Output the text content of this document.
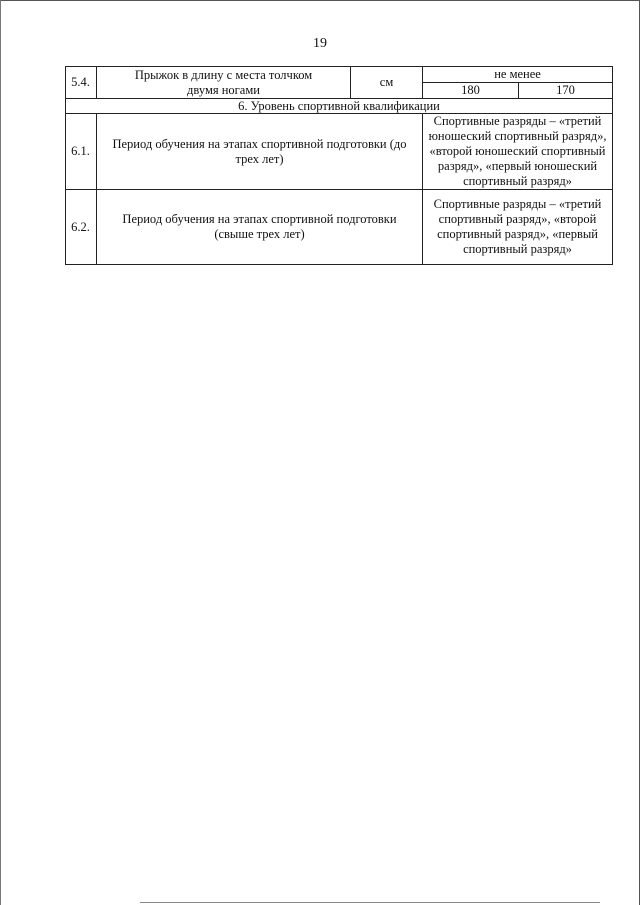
19
5.4.	Прыжок в длину с места толчком двумя ногами	см	не менее	
			180	170
6. Уровень спортивной квалификации				
6.1.	Период обучения на этапах спортивной подготовки (до трех лет)		Спортивные разряды – «третий юношеский спортивный разряд», «второй юношеский спортивный разряд», «первый юношеский спортивный разряд»	
6.2.	Период обучения на этапах спортивной подготовки (свыше трех лет)		Спортивные разряды – «третий спортивный разряд», «второй спортивный разряд», «первый спортивный разряд»	
